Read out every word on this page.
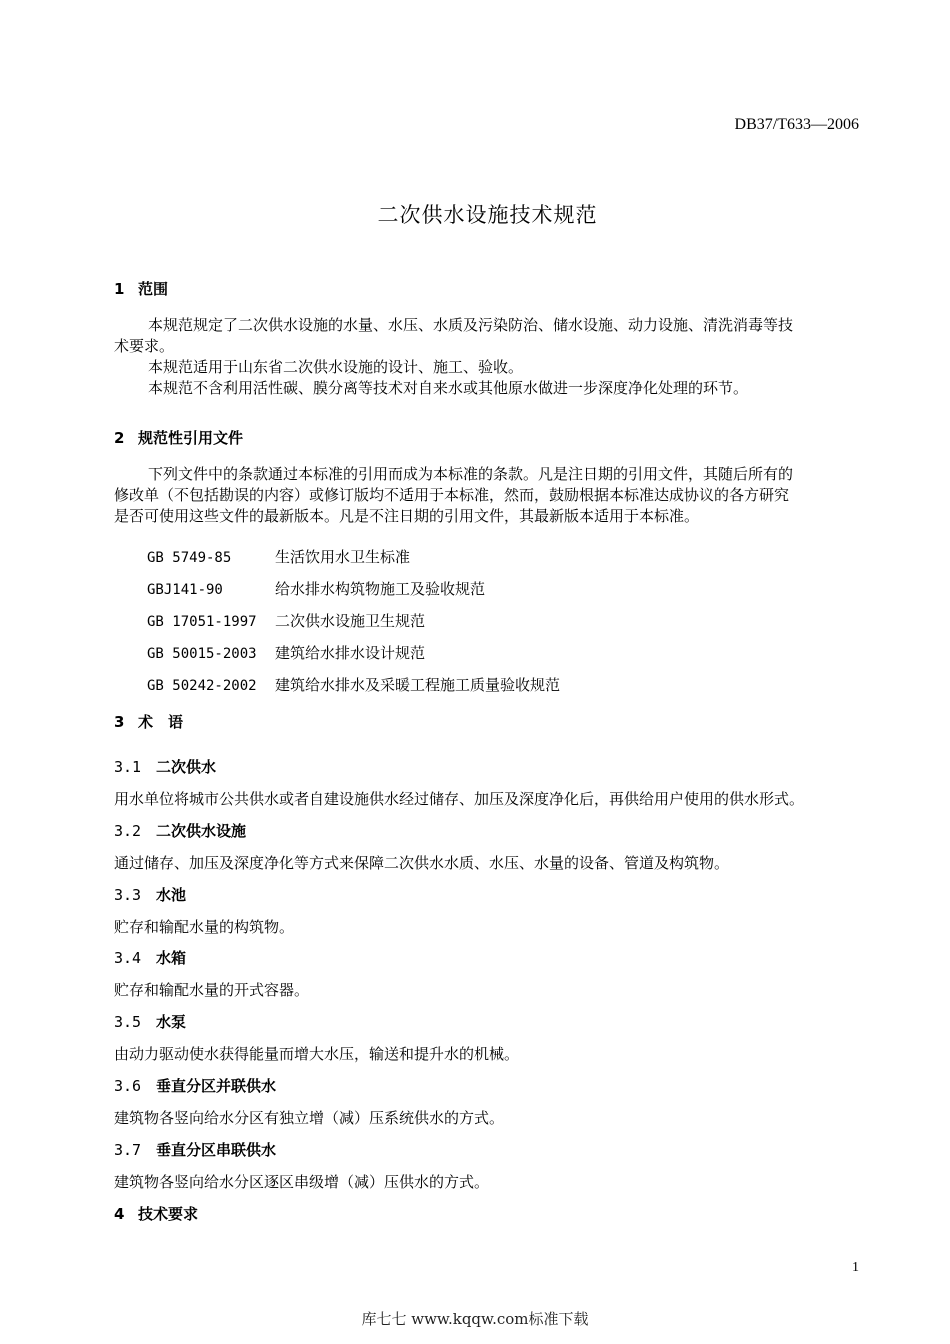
DB37/T633—2006
二次供水设施技术规范
1 范围

本规范规定了二次供水设施的水量、水压、水质及污染防治、储水设施、动力设施、清洗消毒等技

术要求。

本规范适用于山东省二次供水设施的设计、施工、验收。

本规范不含利用活性碳、膜分离等技术对自来水或其他原水做进一步深度净化处理的环节。

2 规范性引用文件

下列文件中的条款通过本标准的引用而成为本标准的条款。凡是注日期的引用文件，其随后所有的

修改单（不包括勘误的内容）或修订版均不适用于本标准，然而，鼓励根据本标准达成协议的各方研究

是否可使用这些文件的最新版本。凡是不注日期的引用文件，其最新版本适用于本标准。

GB 5749-85	生活饮用水卫生标准
GBJ141-90	给水排水构筑物施工及验收规范
GB 17051-1997 二次供水设施卫生规范
GB 50015-2003 建筑给水排水设计规范
GB 50242-2002 建筑给水排水及采暖工程施工质量验收规范
3 术　语
3.1 二次供水
用水单位将城市公共供水或者自建设施供水经过储存、加压及深度净化后，再供给用户使用的供水形式。
3.2 二次供水设施
通过储存、加压及深度净化等方式来保障二次供水水质、水压、水量的设备、管道及构筑物。
3.3 水池
贮存和输配水量的构筑物。
3.4 水箱
贮存和输配水量的开式容器。
3.5 水泵
由动力驱动使水获得能量而增大水压，输送和提升水的机械。
3.6 垂直分区并联供水
建筑物各竖向给水分区有独立增（减）压系统供水的方式。
3.7 垂直分区串联供水
建筑物各竖向给水分区逐区串级增（减）压供水的方式。
4 技术要求
1
库七七 www.kqqw.com标准下载
